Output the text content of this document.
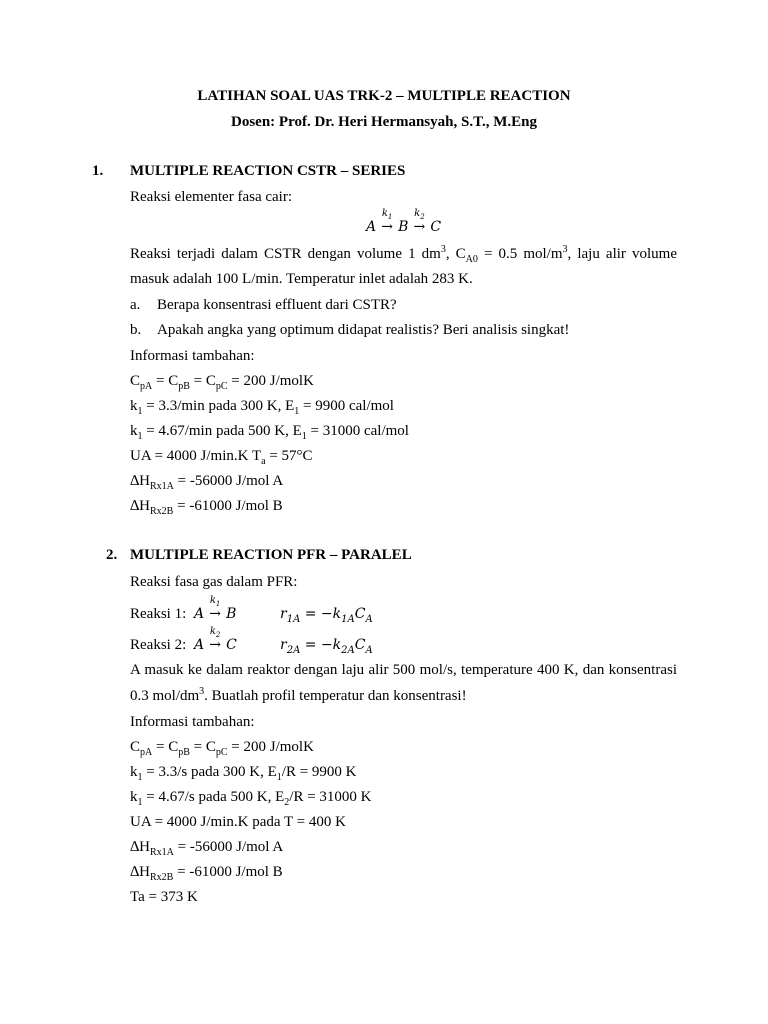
LATIHAN SOAL UAS TRK-2 – MULTIPLE REACTION
Dosen: Prof. Dr. Heri Hermansyah, S.T., M.Eng
1. MULTIPLE REACTION CSTR – SERIES
Reaksi elementer fasa cair:
A
$k_1$
→ B
$k_2$
→ C
Reaksi terjadi dalam CSTR dengan volume 1 $dm^3$, $C_{A0} = 0.5$ mol/$m^3$, laju alir volume
masuk adalah 100 L/min. Temperatur inlet adalah 283 K.
a. Berapa konsentrasi effluent dari CSTR?
b. Apakah angka yang optimum didapat realistis? Beri analisis singkat!
Informasi tambahan:
$C_{pA} = C_{pB} = C_{pC} = 200$ J/molK
$k_1 = 3.3/\min$ pada 300 K, $E_1 = 9900$ cal/mol
$k_1 = 4.67/\min$ pada 500 K, $E_1 = 31000$ cal/mol
UA = 4000 J/min.K $T_a = 57^\circ C$
$\Delta H_{Rx1A} = -56000$ J/mol A
$\Delta H_{Rx2B} = -61000$ J/mol B
2. MULTIPLE REACTION PFR – PARALEL
Reaksi fasa gas dalam PFR:
Reaksi 1: A
$k_1$
→ B	$r_{1A} = -k_{1A}C_A$
Reaksi 2: A
$k_2$
→ C	$r_{2A} = -k_{2A}C_A$
A masuk ke dalam reaktor dengan laju alir 500 mol/s, temperature 400 K, dan konsentrasi
0.3 mol/$dm^3$. Buatlah profil temperatur dan konsentrasi!
Informasi tambahan:
$C_{pA} = C_{pB} = C_{pC} = 200$ J/molK
$k_1 = 3.3/s$ pada 300 K, $E_1/R = 9900$ K
$k_1 = 4.67/s$ pada 500 K, $E_2/R = 31000$ K
UA = 4000 J/min.K pada T = 400 K
$\Delta H_{Rx1A} = -56000$ J/mol A
$\Delta H_{Rx2B} = -61000$ J/mol B
Ta = 373 K
